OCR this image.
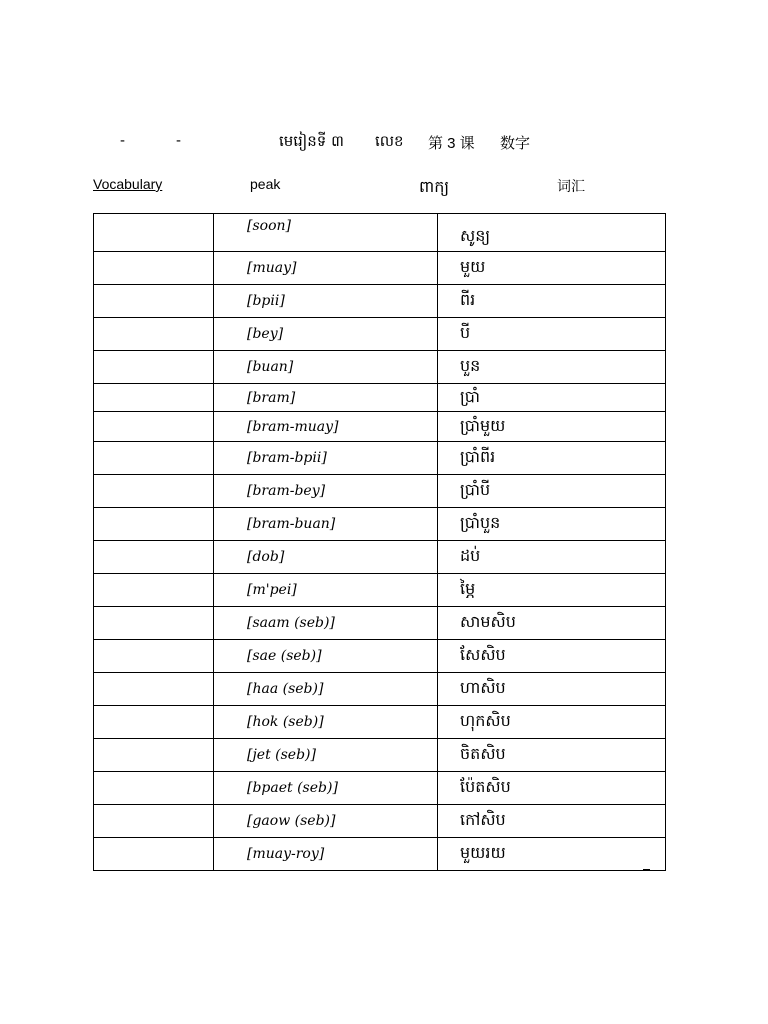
-	-	មេរៀនទី ៣ លេខ 第 3 课 数字
Vocabulary	peak	ពាក្យ	词汇
	[soon]	សូន្យ
	[muay]	មួយ
	[bpii]	ពីរ
	[bey]	បី
	[buan]	បួន
	[bram]	ប្រាំ
	[bram-muay]	ប្រាំមួយ
	[bram-bpii]	ប្រាំពីរ
	[bram-bey]	ប្រាំបី
	[bram-buan]	ប្រាំបួន
	[dob]	ដប់
	[m'pei]	ម្ភៃ
	[saam (seb)]	សាមសិប
	[sae (seb)]	សែសិប
	[haa (seb)]	ហាសិប
	[hok (seb)]	ហុកសិប
	[jet (seb)]	ចិតសិប
	[bpaet (seb)]	ប៉ែតសិប
	[gaow (seb)]	កៅសិប
	[muay-roy]	មួយរយ
